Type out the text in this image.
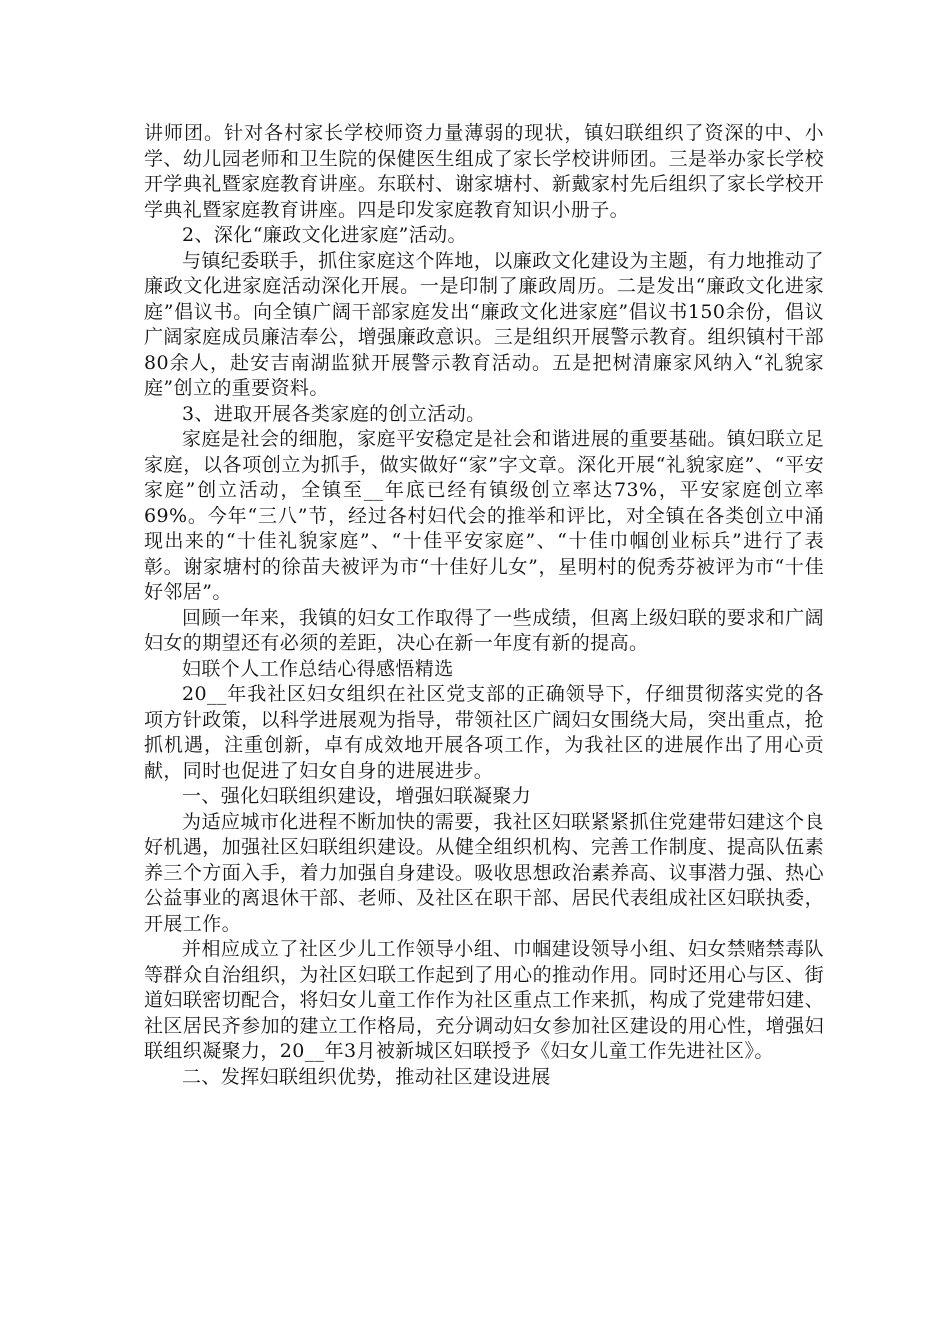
讲师团。针对各村家长学校师资力量薄弱的现状，镇妇联组织了资深的中、小学、幼儿园老师和卫生院的保健医生组成了家长学校讲师团。三是举办家长学校开学典礼暨家庭教育讲座。东联村、谢家塘村、新戴家村先后组织了家长学校开学典礼暨家庭教育讲座。四是印发家庭教育知识小册子。

2、深化“廉政文化进家庭”活动。

与镇纪委联手，抓住家庭这个阵地，以廉政文化建设为主题，有力地推动了廉政文化进家庭活动深化开展。一是印制了廉政周历。二是发出“廉政文化进家庭”倡议书。向全镇广阔干部家庭发出“廉政文化进家庭”倡议书150余份，倡议广阔家庭成员廉洁奉公，增强廉政意识。三是组织开展警示教育。组织镇村干部80余人，赴安吉南湖监狱开展警示教育活动。五是把树清廉家风纳入“礼貌家庭”创立的重要资料。

3、进取开展各类家庭的创立活动。

家庭是社会的细胞，家庭平安稳定是社会和谐进展的重要基础。镇妇联立足家庭，以各项创立为抓手，做实做好“家”字文章。深化开展“礼貌家庭”、“平安家庭”创立活动，全镇至__年底已经有镇级创立率达73%，平安家庭创立率69%。今年“三八”节，经过各村妇代会的推举和评比，对全镇在各类创立中涌现出来的“十佳礼貌家庭”、“十佳平安家庭”、“十佳巾帼创业标兵”进行了表彰。谢家塘村的徐苗夫被评为市“十佳好儿女”，星明村的倪秀芬被评为市“十佳好邻居”。

回顾一年来，我镇的妇女工作取得了一些成绩，但离上级妇联的要求和广阔妇女的期望还有必须的差距，决心在新一年度有新的提高。

妇联个人工作总结心得感悟精选

20__年我社区妇女组织在社区党支部的正确领导下，仔细贯彻落实党的各项方针政策，以科学进展观为指导，带领社区广阔妇女围绕大局，突出重点，抢抓机遇，注重创新，卓有成效地开展各项工作，为我社区的进展作出了用心贡献，同时也促进了妇女自身的进展进步。

一、强化妇联组织建设，增强妇联凝聚力

为适应城市化进程不断加快的需要，我社区妇联紧紧抓住党建带妇建这个良好机遇，加强社区妇联组织建设。从健全组织机构、完善工作制度、提高队伍素养三个方面入手，着力加强自身建设。吸收思想政治素养高、议事潜力强、热心公益事业的离退休干部、老师、及社区在职干部、居民代表组成社区妇联执委，开展工作。

并相应成立了社区少儿工作领导小组、巾帼建设领导小组、妇女禁赌禁毒队等群众自治组织，为社区妇联工作起到了用心的推动作用。同时还用心与区、街道妇联密切配合，将妇女儿童工作作为社区重点工作来抓，构成了党建带妇建、社区居民齐参加的建立工作格局，充分调动妇女参加社区建设的用心性，增强妇联组织凝聚力，20__年3月被新城区妇联授予《妇女儿童工作先进社区》。

二、发挥妇联组织优势，推动社区建设进展
